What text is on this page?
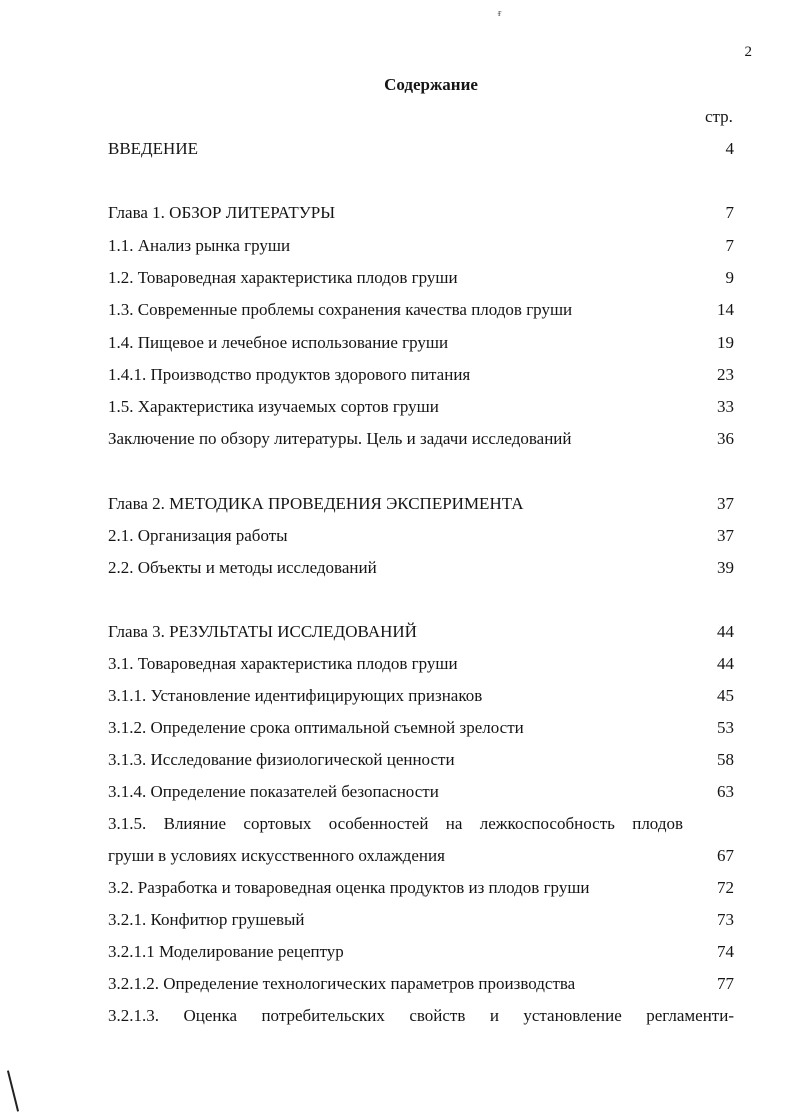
ᵲ
2
Содержание
стр.
ВВЕДЕНИЕ	4
Глава 1. ОБЗОР ЛИТЕРАТУРЫ	7
1.1. Анализ рынка груши	7
1.2. Товароведная характеристика плодов груши	9
1.3. Современные проблемы сохранения качества плодов груши	14
1.4. Пищевое и лечебное использование груши	19
1.4.1. Производство продуктов здорового питания	23
1.5. Характеристика изучаемых сортов груши	33
Заключение по обзору литературы. Цель и задачи исследований	36
Глава 2. МЕТОДИКА ПРОВЕДЕНИЯ ЭКСПЕРИМЕНТА	37
2.1. Организация работы	37
2.2. Объекты и методы исследований	39
Глава 3. РЕЗУЛЬТАТЫ ИССЛЕДОВАНИЙ	44
3.1. Товароведная характеристика плодов груши	44
3.1.1. Установление идентифицирующих признаков	45
3.1.2. Определение срока оптимальной съемной зрелости	53
3.1.3. Исследование физиологической ценности	58
3.1.4. Определение показателей безопасности	63
3.1.5. Влияние сортовых особенностей на лежкоспособность плодов
груши в условиях искусственного охлаждения	67
3.2. Разработка и товароведная оценка продуктов из плодов груши	72
3.2.1. Конфитюр грушевый	73
3.2.1.1 Моделирование рецептур	74
3.2.1.2. Определение технологических параметров производства	77
3.2.1.3. Оценка потребительских свойств и установление регламенти-
